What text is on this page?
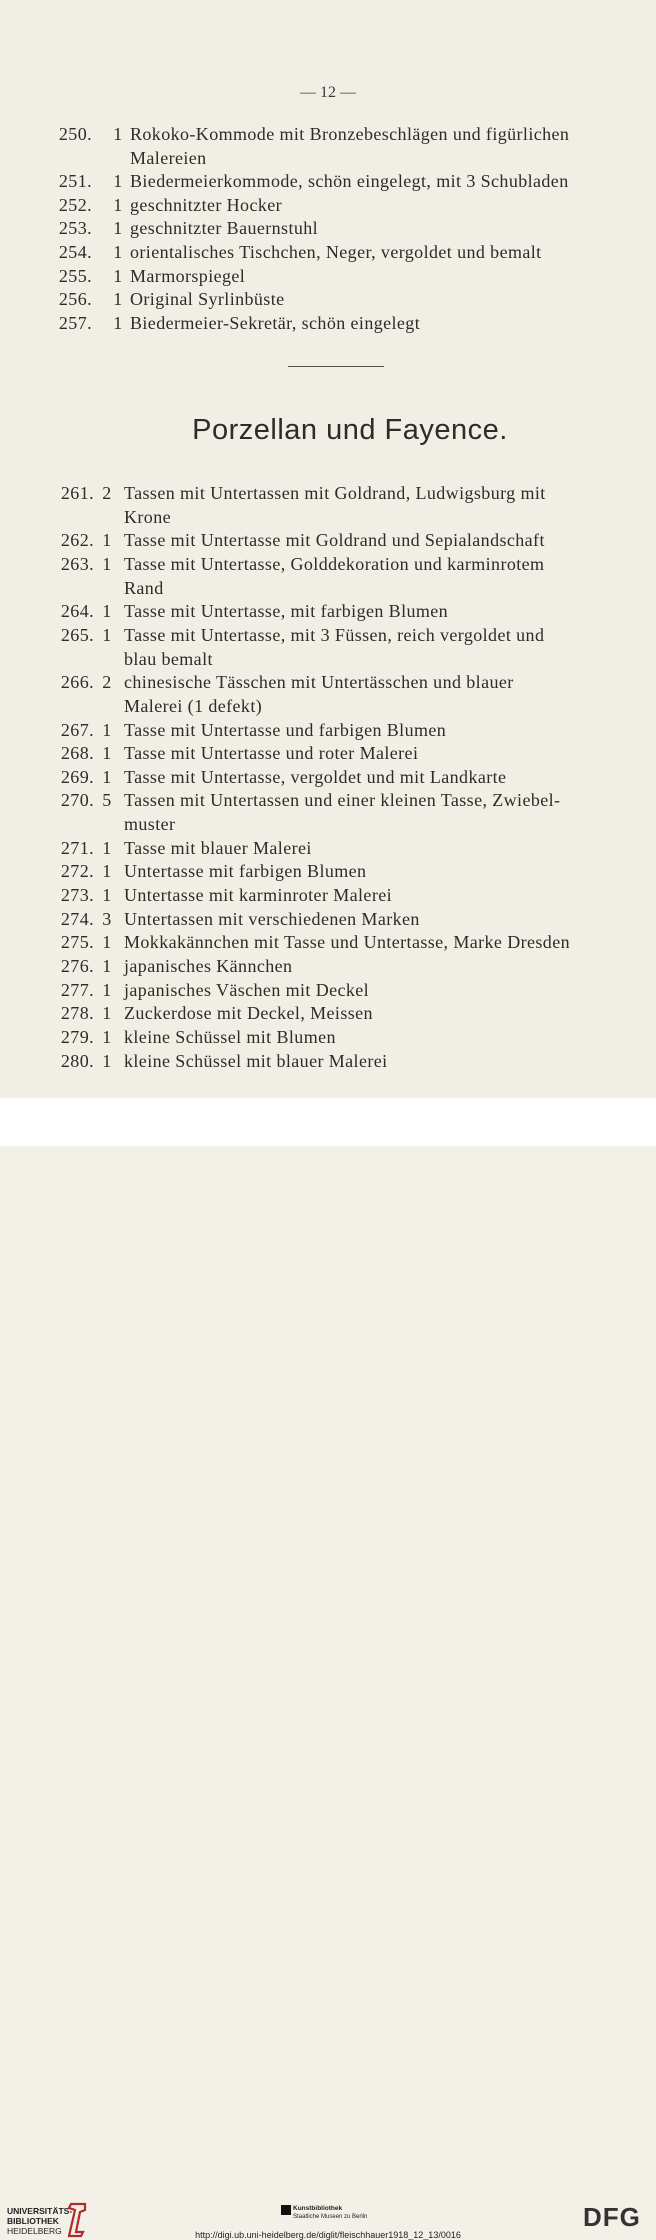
— 12 —
250. 1 Rokoko-Kommode mit Bronzebeschlägen und figürlichen
Malereien
251. 1 Biedermeierkommode, schön eingelegt, mit 3 Schubladen
252. 1 geschnitzter Hocker
253. 1 geschnitzter Bauernstuhl
254. 1 orientalisches Tischchen, Neger, vergoldet und bemalt
255. 1 Marmorspiegel
256. 1 Original Syrlinbüste
257. 1 Biedermeier-Sekretär, schön eingelegt
Porzellan und Fayence.
261. 2 Tassen mit Untertassen mit Goldrand, Ludwigsburg mit
Krone
262. 1 Tasse mit Untertasse mit Goldrand und Sepialandschaft
263. 1 Tasse mit Untertasse, Golddekoration und karminrotem
Rand
264. 1 Tasse mit Untertasse, mit farbigen Blumen
265. 1 Tasse mit Untertasse, mit 3 Füssen, reich vergoldet und
blau bemalt
266. 2 chinesische Tässchen mit Untertässchen und blauer
Malerei (1 defekt)
267. 1 Tasse mit Untertasse und farbigen Blumen
268. 1 Tasse mit Untertasse und roter Malerei
269. 1 Tasse mit Untertasse, vergoldet und mit Landkarte
270. 5 Tassen mit Untertassen und einer kleinen Tasse, Zwiebel-
muster
271. 1 Tasse mit blauer Malerei
272. 1 Untertasse mit farbigen Blumen
273. 1 Untertasse mit karminroter Malerei
274. 3 Untertassen mit verschiedenen Marken
275. 1 Mokkakännchen mit Tasse und Untertasse, Marke Dresden
276. 1 japanisches Kännchen
277. 1 japanisches Väschen mit Deckel
278. 1 Zuckerdose mit Deckel, Meissen
279. 1 kleine Schüssel mit Blumen
280. 1 kleine Schüssel mit blauer Malerei
UNIVERSITÄTS-
BIBLIOTHEK
HEIDELBERG
Kunstbibliothek
Staatliche Museen zu Berlin
http://digi.ub.uni-heidelberg.de/diglit/fleischhauer1918_12_13/0016
DFG
